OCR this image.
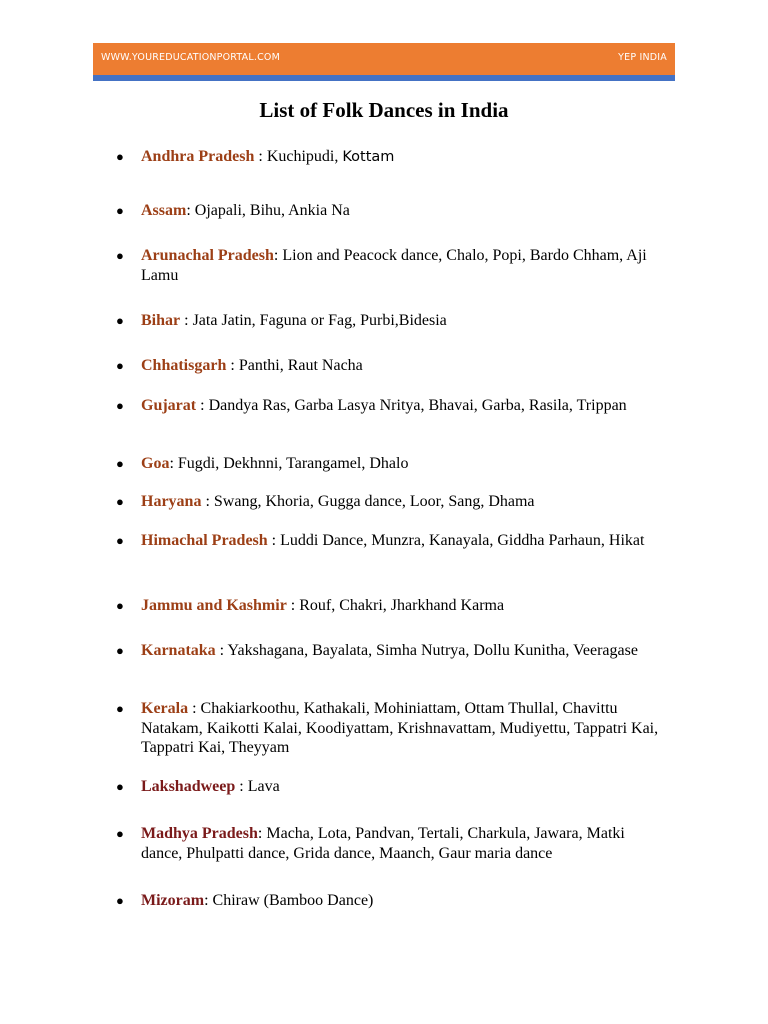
WWW.YOUREDUCATIONPORTAL.COM	YEP INDIA
List of Folk Dances in India
● Andhra Pradesh : Kuchipudi, Kottam
● Assam: Ojapali, Bihu, Ankia Na
● Arunachal Pradesh: Lion and Peacock dance, Chalo, Popi, Bardo Chham, Aji Lamu
● Bihar : Jata Jatin, Faguna or Fag, Purbi,Bidesia
● Chhatisgarh : Panthi, Raut Nacha
● Gujarat : Dandya Ras, Garba Lasya Nritya, Bhavai, Garba, Rasila, Trippan
● Goa: Fugdi, Dekhnni, Tarangamel, Dhalo
● Haryana : Swang, Khoria, Gugga dance, Loor, Sang, Dhama
● Himachal Pradesh : Luddi Dance, Munzra, Kanayala, Giddha Parhaun, Hikat
● Jammu and Kashmir : Rouf, Chakri, Jharkhand Karma
● Karnataka : Yakshagana, Bayalata, Simha Nutrya, Dollu Kunitha, Veeragase
● Kerala : Chakiarkoothu, Kathakali, Mohiniattam, Ottam Thullal, Chavittu Natakam, Kaikotti Kalai, Koodiyattam, Krishnavattam, Mudiyettu, Tappatri Kai, Tappatri Kai, Theyyam
● Lakshadweep : Lava
● Madhya Pradesh: Macha, Lota, Pandvan, Tertali, Charkula, Jawara, Matki dance, Phulpatti dance, Grida dance, Maanch, Gaur maria dance
● Mizoram: Chiraw (Bamboo Dance)
